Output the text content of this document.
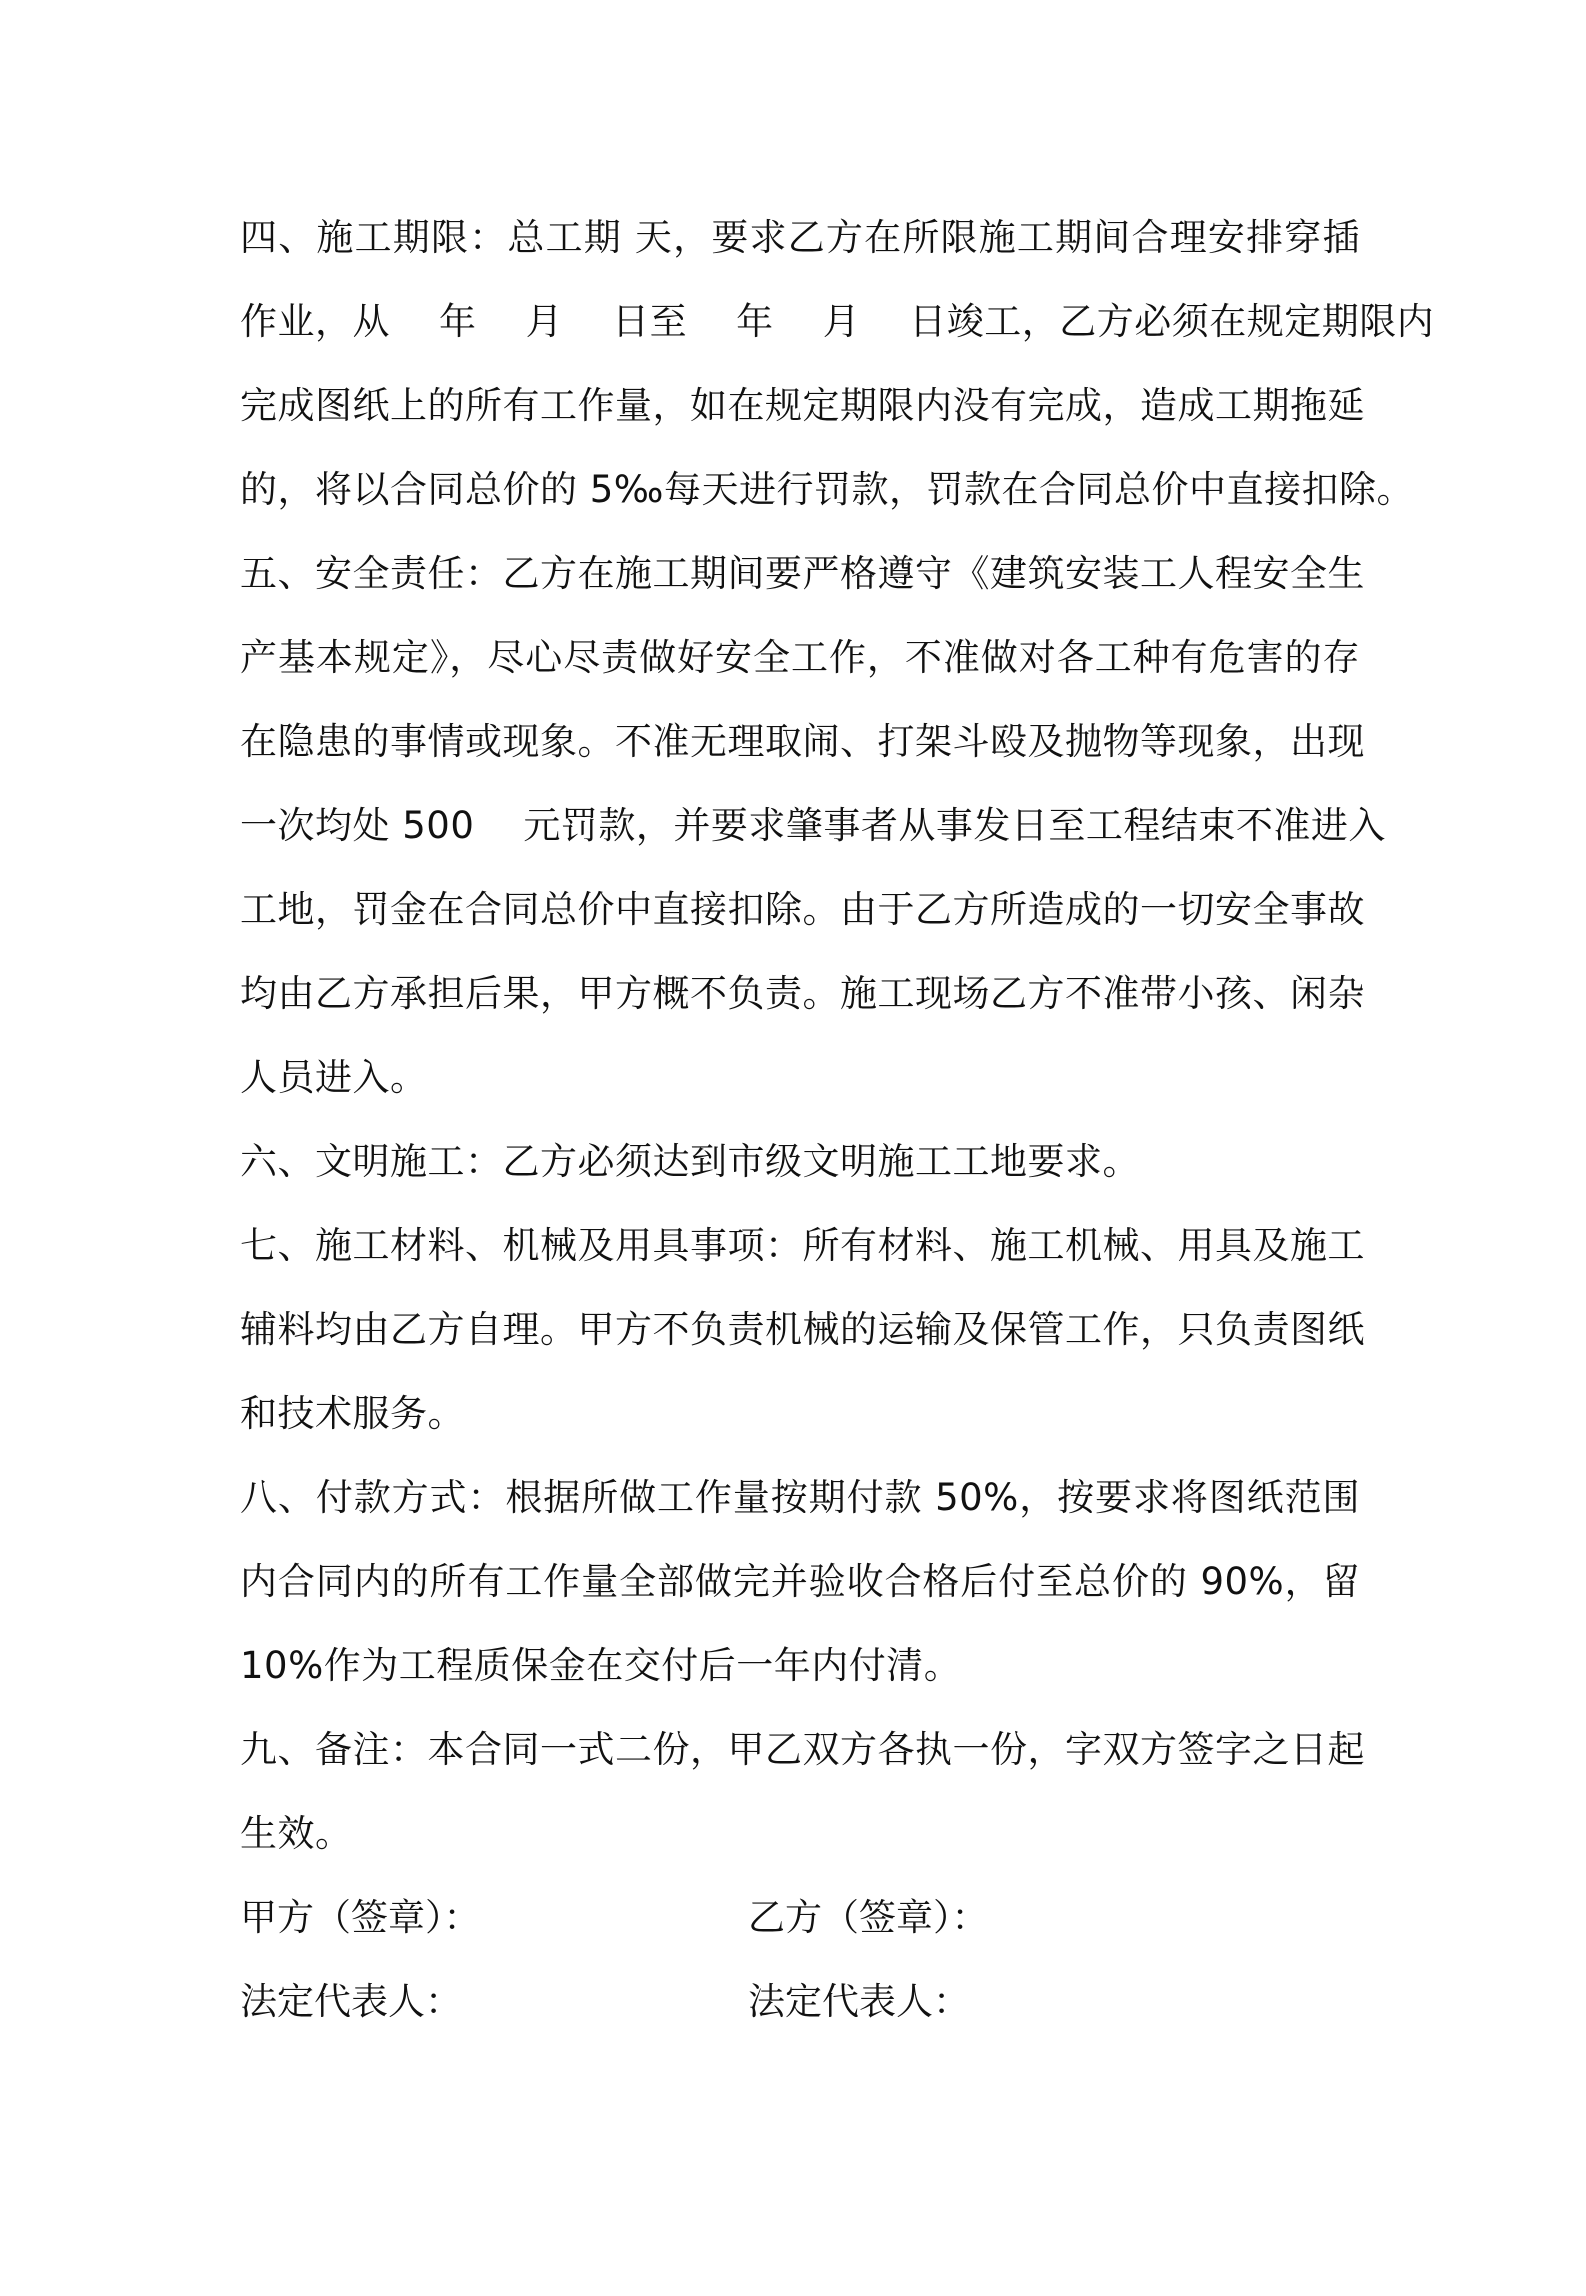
四、施工期限：总工期 天，要求乙方在所限施工期间合理安排穿插
作业，从    年    月    日至    年    月    日竣工，乙方必须在规定期限内
完成图纸上的所有工作量，如在规定期限内没有完成，造成工期拖延
的，将以合同总价的 5‰每天进行罚款，罚款在合同总价中直接扣除。
五、安全责任：乙方在施工期间要严格遵守《建筑安装工人程安全生
产基本规定》，尽心尽责做好安全工作，不准做对各工种有危害的存
在隐患的事情或现象。不准无理取闹、打架斗殴及抛物等现象，出现
一次均处 500    元罚款，并要求肇事者从事发日至工程结束不准进入
工地，罚金在合同总价中直接扣除。由于乙方所造成的一切安全事故
均由乙方承担后果，甲方概不负责。施工现场乙方不准带小孩、闲杂
人员进入。
六、文明施工：乙方必须达到市级文明施工工地要求。
七、施工材料、机械及用具事项：所有材料、施工机械、用具及施工
辅料均由乙方自理。甲方不负责机械的运输及保管工作，只负责图纸
和技术服务。
八、付款方式：根据所做工作量按期付款 50%，按要求将图纸范围
内合同内的所有工作量全部做完并验收合格后付至总价的 90%，留
10%作为工程质保金在交付后一年内付清。
九、备注：本合同一式二份，甲乙双方各执一份，字双方签字之日起
生效。

甲方（签章）：

	乙方（签章）：

法定代表人：

	法定代表人：
